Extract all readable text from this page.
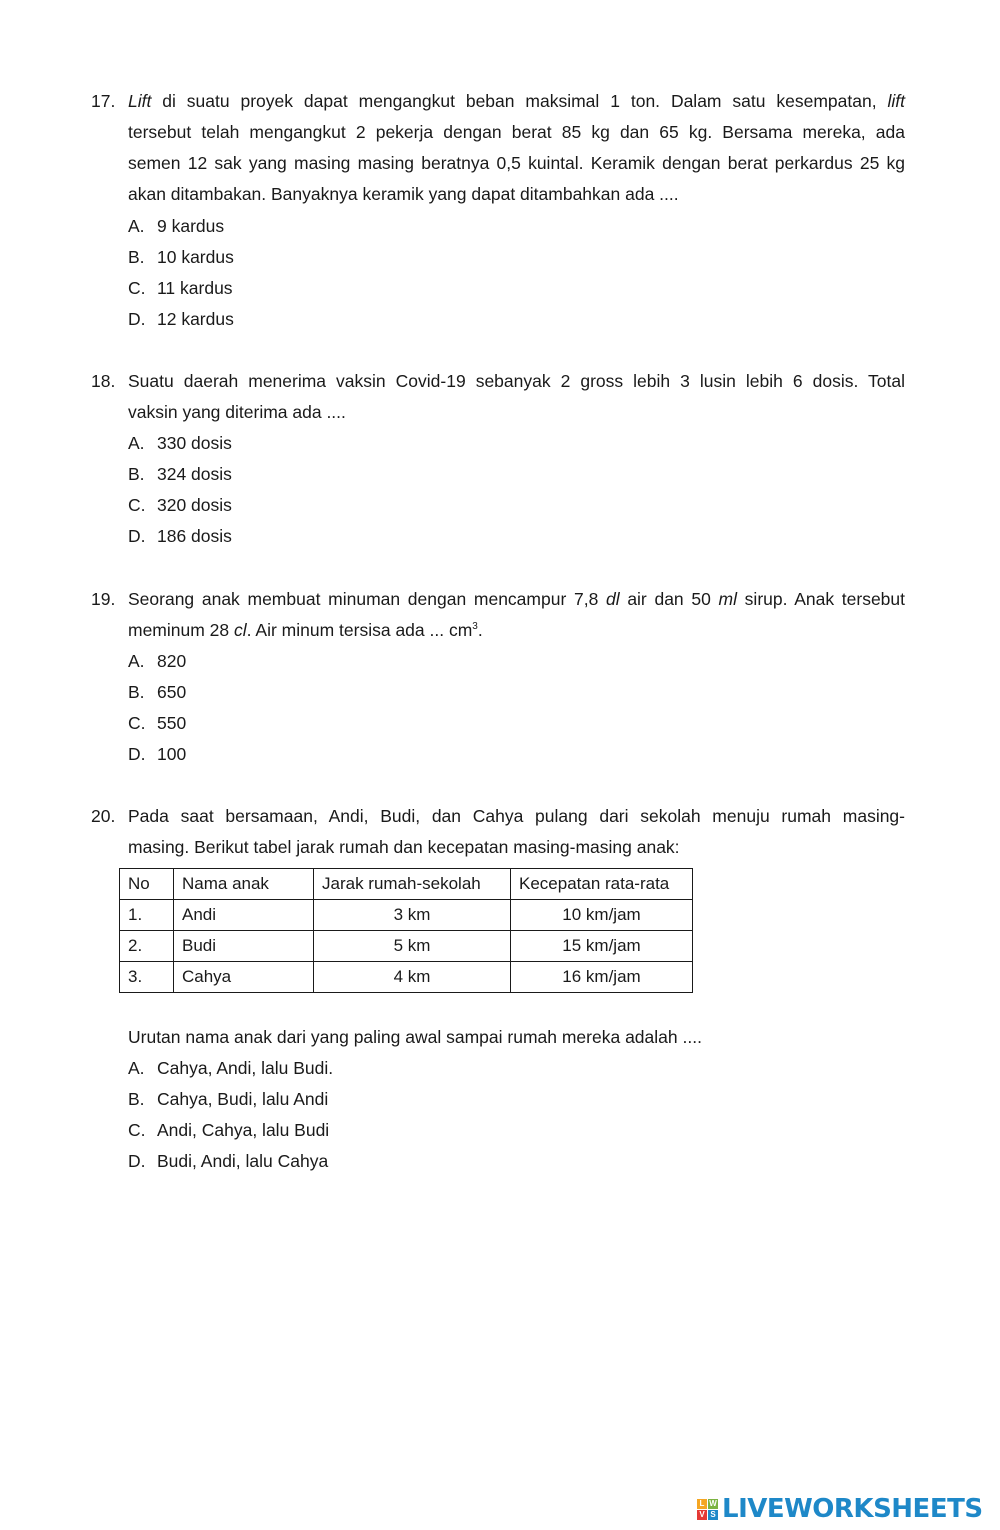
17. Lift di suatu proyek dapat mengangkut beban maksimal 1 ton. Dalam satu kesempatan, lift
tersebut telah mengangkut 2 pekerja dengan berat 85 kg dan 65 kg. Bersama mereka, ada
semen 12 sak yang masing masing beratnya 0,5 kuintal. Keramik dengan berat perkardus 25 kg
akan ditambakan. Banyaknya keramik yang dapat ditambahkan ada ....
A. 9 kardus
B. 10 kardus
C. 11 kardus
D. 12 kardus
18. Suatu daerah menerima vaksin Covid-19 sebanyak 2 gross lebih 3 lusin lebih 6 dosis. Total
vaksin yang diterima ada ....
A. 330 dosis
B. 324 dosis
C. 320 dosis
D. 186 dosis
19. Seorang anak membuat minuman dengan mencampur 7,8 dl air dan 50 ml sirup. Anak tersebut
meminum 28 cl. Air minum tersisa ada ... $cm^3$.
A. 820
B. 650
C. 550
D. 100
20. Pada saat bersamaan, Andi, Budi, dan Cahya pulang dari sekolah menuju rumah masing-
masing. Berikut tabel jarak rumah dan kecepatan masing-masing anak:
No	Nama anak	Jarak rumah-sekolah	Kecepatan rata-rata
1.	Andi	3 km	10 km/jam
2.	Budi	5 km	15 km/jam
3.	Cahya	4 km	16 km/jam
Urutan nama anak dari yang paling awal sampai rumah mereka adalah ....
A. Cahya, Andi, lalu Budi.
B. Cahya, Budi, lalu Andi
C. Andi, Cahya, lalu Budi
D. Budi, Andi, lalu Cahya
L W
V S LIVEWORKSHEETS
